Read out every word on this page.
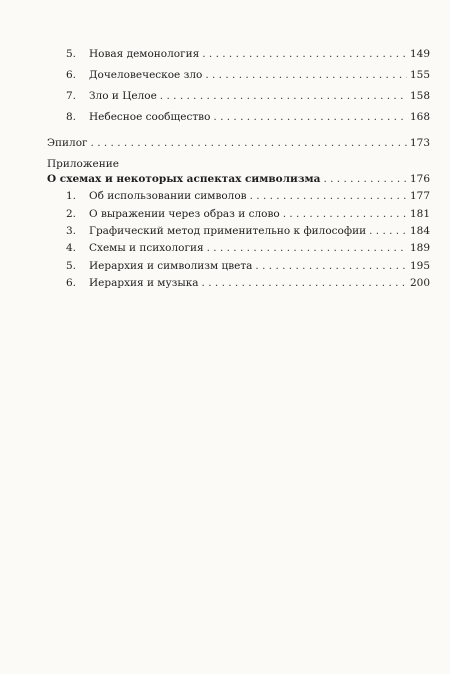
5.	Новая демонология . . .	149
6.	Дочеловеческое зло . . .	155
7.	Зло и Целое . . .	158
8.	Небесное сообщество . . .	168
Эпилог . . .	173
Приложение
О схемах и некоторых аспектах символизма . . .	176
1.	Об использовании символов . . .	177
2.	О выражении через образ и слово . . .	181
3.	Графический метод применительно к философии . . .	184
4.	Схемы и психология . . .	189
5.	Иерархия и символизм цвета . . .	195
6.	Иерархия и музыка . . .	200
